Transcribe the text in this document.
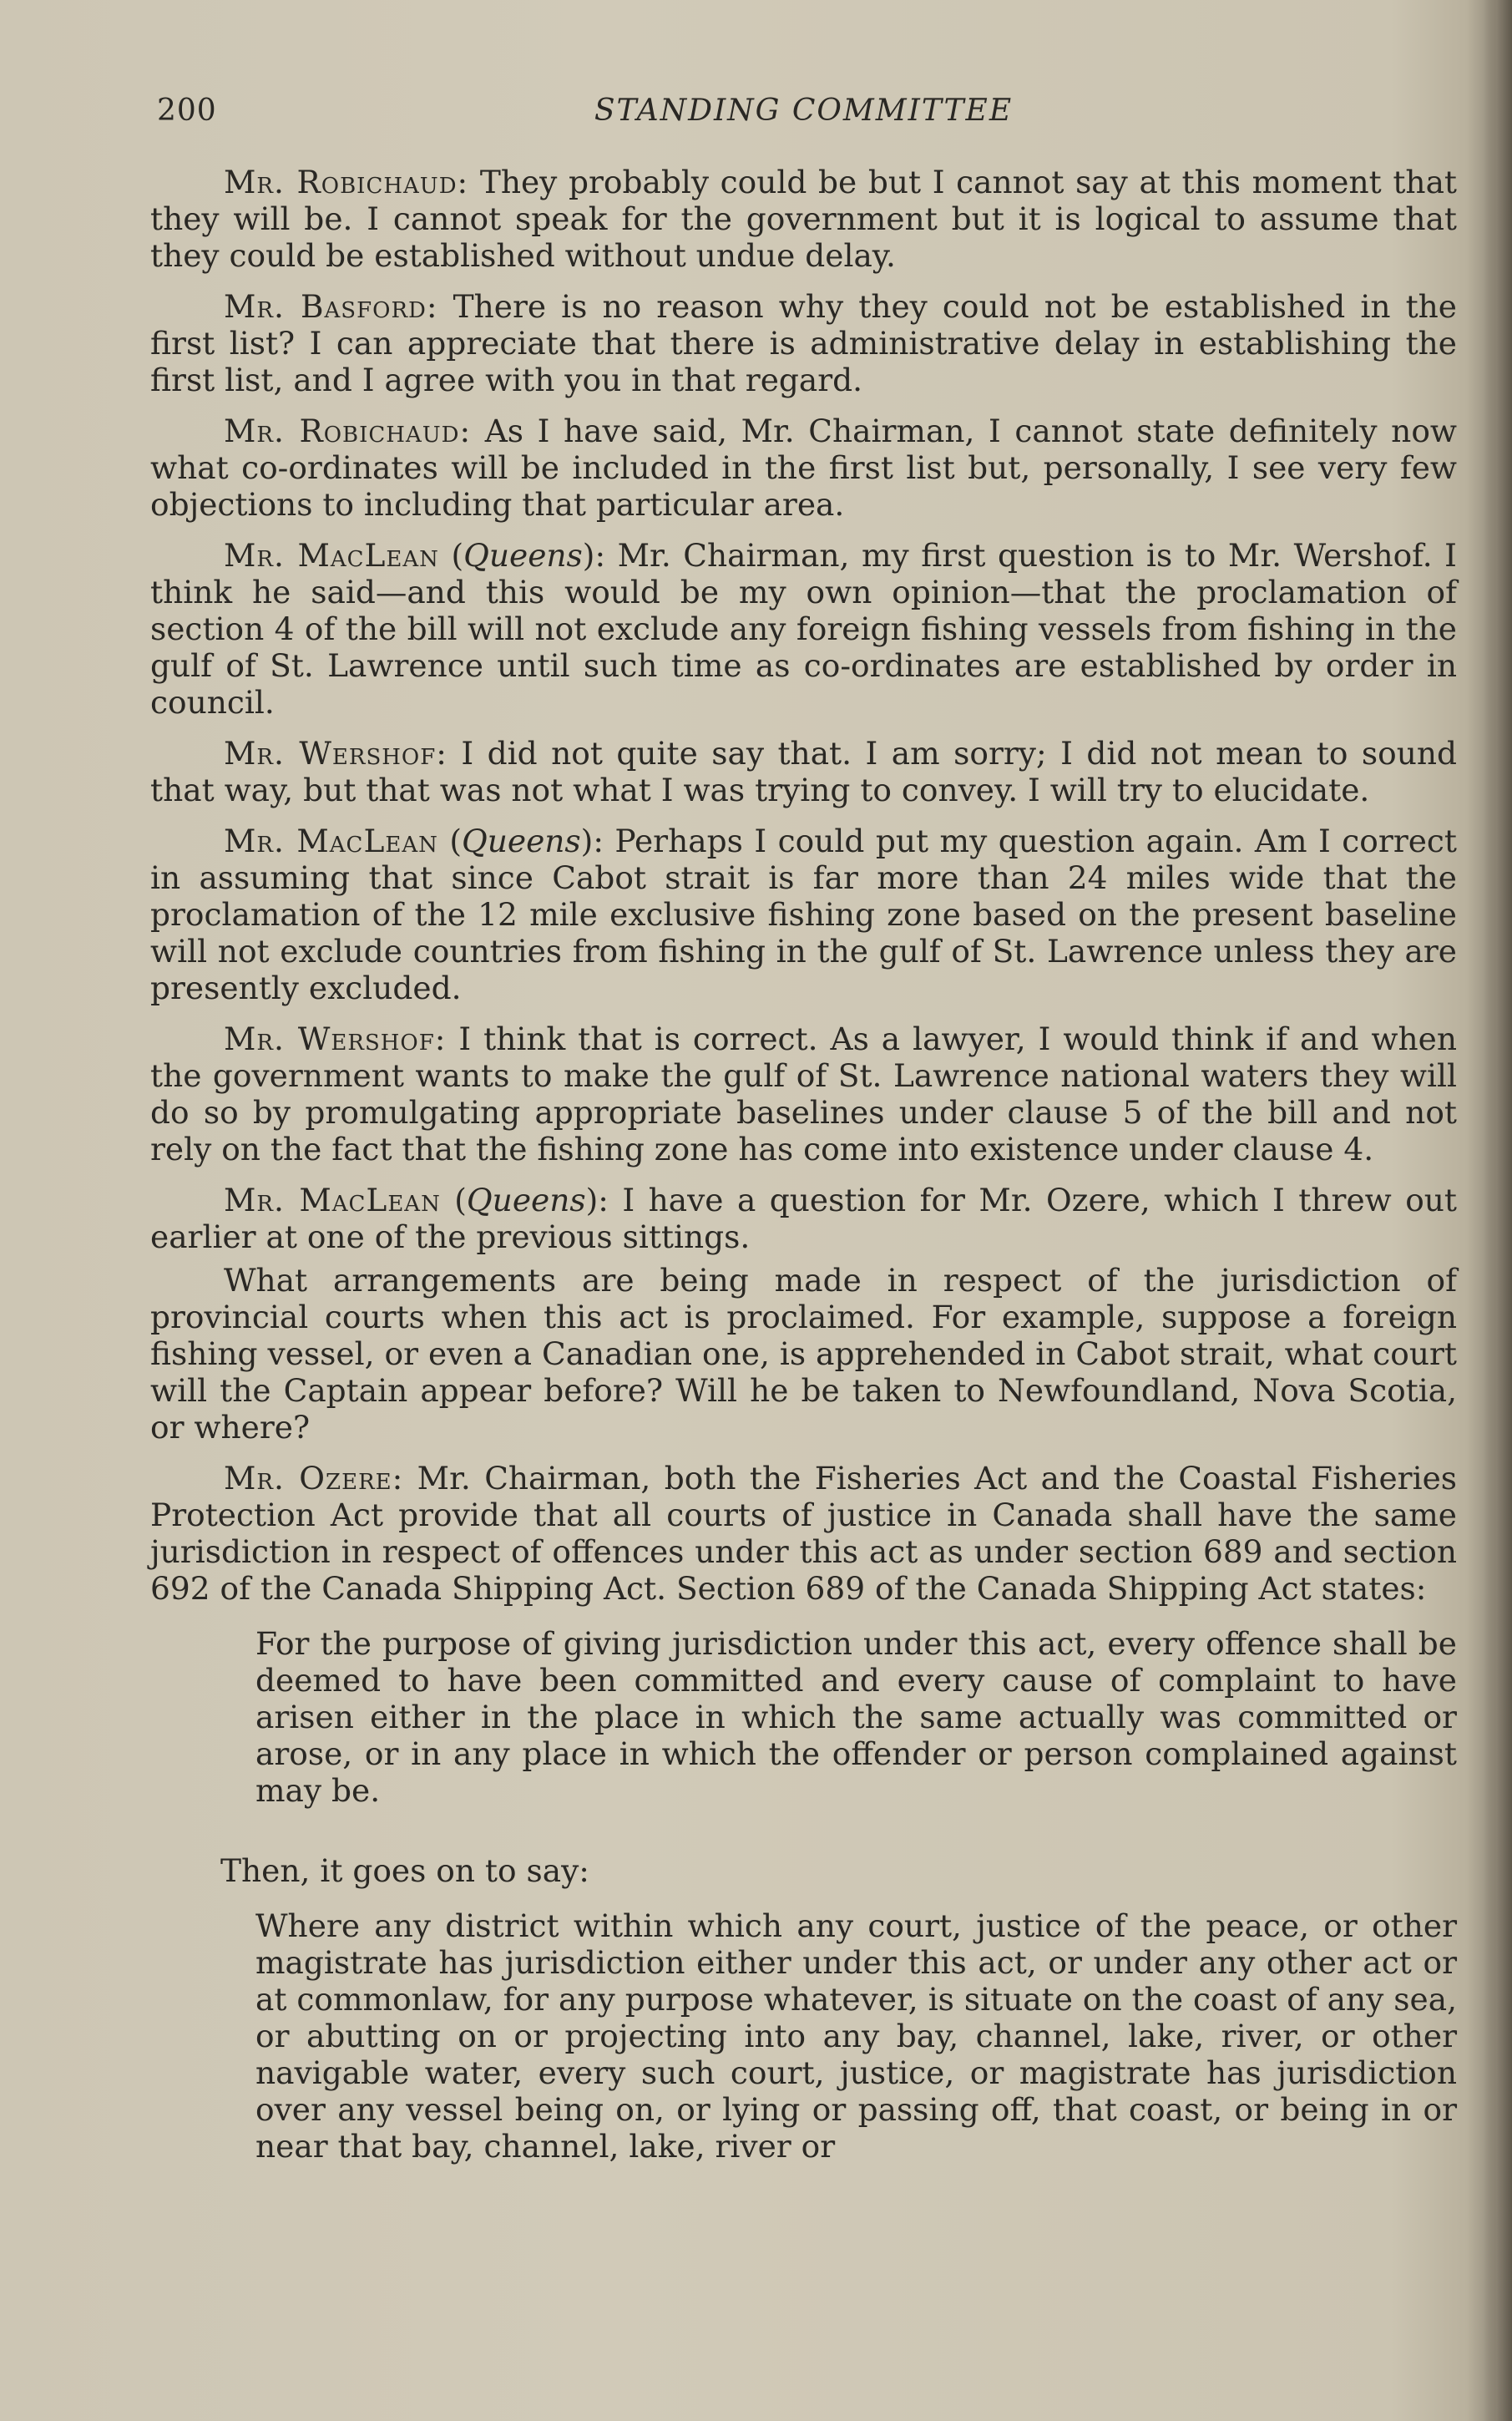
200	STANDING COMMITTEE

Mr. Robichaud: They probably could be but I cannot say at this moment that they will be. I cannot speak for the government but it is logical to assume that they could be established without undue delay.

Mr. Basford: There is no reason why they could not be established in the first list? I can appreciate that there is administrative delay in establishing the first list, and I agree with you in that regard.

Mr. Robichaud: As I have said, Mr. Chairman, I cannot state definitely now what co-ordinates will be included in the first list but, personally, I see very few objections to including that particular area.

Mr. MacLean (Queens): Mr. Chairman, my first question is to Mr. Wershof. I think he said—and this would be my own opinion—that the proclamation of section 4 of the bill will not exclude any foreign fishing vessels from fishing in the gulf of St. Lawrence until such time as co-ordinates are established by order in council.

Mr. Wershof: I did not quite say that. I am sorry; I did not mean to sound that way, but that was not what I was trying to convey. I will try to elucidate.

Mr. MacLean (Queens): Perhaps I could put my question again. Am I correct in assuming that since Cabot strait is far more than 24 miles wide that the proclamation of the 12 mile exclusive fishing zone based on the present baseline will not exclude countries from fishing in the gulf of St. Lawrence unless they are presently excluded.

Mr. Wershof: I think that is correct. As a lawyer, I would think if and when the government wants to make the gulf of St. Lawrence national waters they will do so by promulgating appropriate baselines under clause 5 of the bill and not rely on the fact that the fishing zone has come into existence under clause 4.

Mr. MacLean (Queens): I have a question for Mr. Ozere, which I threw out earlier at one of the previous sittings.

What arrangements are being made in respect of the jurisdiction of provincial courts when this act is proclaimed. For example, suppose a foreign fishing vessel, or even a Canadian one, is apprehended in Cabot strait, what court will the Captain appear before? Will he be taken to Newfoundland, Nova Scotia, or where?

Mr. Ozere: Mr. Chairman, both the Fisheries Act and the Coastal Fisheries Protection Act provide that all courts of justice in Canada shall have the same jurisdiction in respect of offences under this act as under section 689 and section 692 of the Canada Shipping Act. Section 689 of the Canada Shipping Act states:

For the purpose of giving jurisdiction under this act, every offence shall be deemed to have been committed and every cause of complaint to have arisen either in the place in which the same actually was committed or arose, or in any place in which the offender or person complained against may be.

Then, it goes on to say:

Where any district within which any court, justice of the peace, or other magistrate has jurisdiction either under this act, or under any other act or at commonlaw, for any purpose whatever, is situate on the coast of any sea, or abutting on or projecting into any bay, channel, lake, river, or other navigable water, every such court, justice, or magistrate has jurisdiction over any vessel being on, or lying or passing off, that coast, or being in or near that bay, channel, lake, river or
